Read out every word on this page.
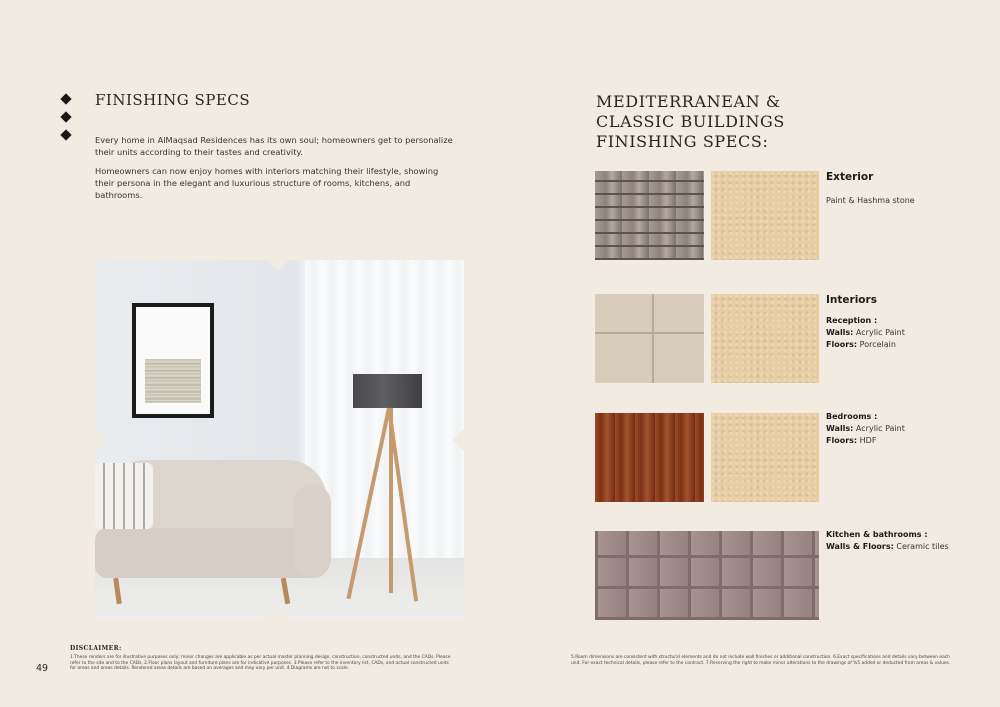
FINISHING SPECS

Every home in AlMaqsad Residences has its own soul; homeowners get to personalize their units according to their tastes and creativity.

Homeowners can now enjoy homes with interiors matching their lifestyle, showing their persona in the elegant and luxurious structure of rooms, kitchens, and bathrooms.

MEDITERRANEAN &
CLASSIC BUILDINGS
FINISHING SPECS:
Exterior
Paint & Hashma stone
Interiors
Reception :
Walls: Acrylic Paint
Floors: Porcelain
Bedrooms :
Walls: Acrylic Paint
Floors: HDF
Kitchen & bathrooms :
Walls & Floors: Ceramic tiles
49
DISCLAIMER:
1.These renders are for illustrative purposes only; minor changes are applicable as per actual master planning design, construction, constructed units, and the CADs. Please refer to the site and to the CADs. 2.Floor plans layout and furniture plans are for indicative purposes. 3.Please refer to the inventory list, CADs, and actual constructed units for areas and areas details. Rendered areas details are based on averages and may vary per unit. 4.Diagrams are not to scale.
5.Room dimensions are consistent with structural elements and do not include wall finishes or additional construction. 6.Exact specifications and details vary between each unit. For exact technical details, please refer to the contract. 7.Reserving the right to make minor alterations to the drawings of %5 added or deducted from areas & values.
